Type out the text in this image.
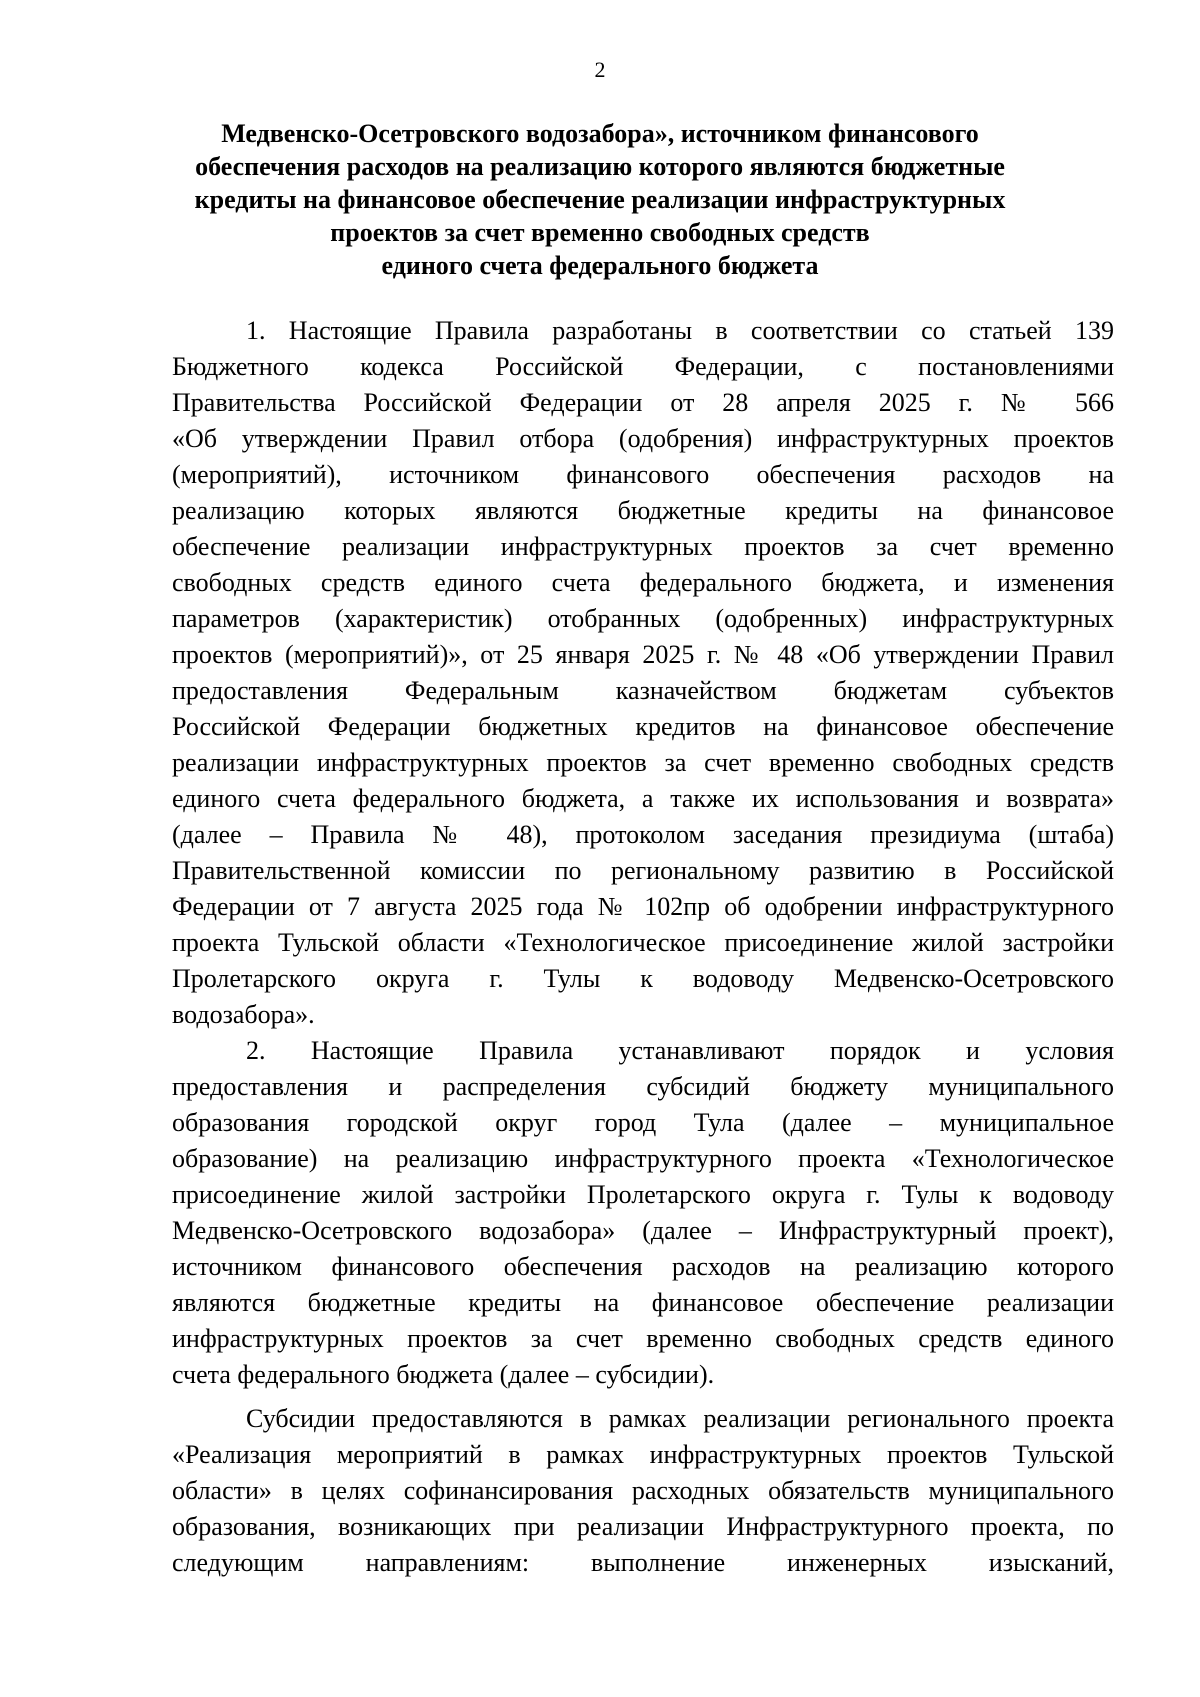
2
Медвенско-Осетровского водозабора», источником финансового
обеспечения расходов на реализацию которого являются бюджетные
кредиты на финансовое обеспечение реализации инфраструктурных
проектов за счет временно свободных средств
единого счета федерального бюджета
1. Настоящие Правила разработаны в соответствии со статьей 139
Бюджетного кодекса Российской Федерации, с постановлениями
Правительства Российской Федерации от 28 апреля 2025 г. № 566
«Об утверждении Правил отбора (одобрения) инфраструктурных проектов
(мероприятий), источником финансового обеспечения расходов на
реализацию которых являются бюджетные кредиты на финансовое
обеспечение реализации инфраструктурных проектов за счет временно
свободных средств единого счета федерального бюджета, и изменения
параметров (характеристик) отобранных (одобренных) инфраструктурных
проектов (мероприятий)», от 25 января 2025 г. № 48 «Об утверждении Правил
предоставления Федеральным казначейством бюджетам субъектов
Российской Федерации бюджетных кредитов на финансовое обеспечение
реализации инфраструктурных проектов за счет временно свободных средств
единого счета федерального бюджета, а также их использования и возврата»
(далее – Правила № 48), протоколом заседания президиума (штаба)
Правительственной комиссии по региональному развитию в Российской
Федерации от 7 августа 2025 года № 102пр об одобрении инфраструктурного
проекта Тульской области «Технологическое присоединение жилой застройки
Пролетарского округа г. Тулы к водоводу Медвенско-Осетровского
водозабора».
2. Настоящие Правила устанавливают порядок и условия
предоставления и распределения субсидий бюджету муниципального
образования городской округ город Тула (далее – муниципальное
образование) на реализацию инфраструктурного проекта «Технологическое
присоединение жилой застройки Пролетарского округа г. Тулы к водоводу
Медвенско-Осетровского водозабора» (далее – Инфраструктурный проект),
источником финансового обеспечения расходов на реализацию которого
являются бюджетные кредиты на финансовое обеспечение реализации
инфраструктурных проектов за счет временно свободных средств единого
счета федерального бюджета (далее – субсидии).
Субсидии предоставляются в рамках реализации регионального проекта
«Реализация мероприятий в рамках инфраструктурных проектов Тульской
области» в целях софинансирования расходных обязательств муниципального
образования, возникающих при реализации Инфраструктурного проекта, по
следующим направлениям: выполнение инженерных изысканий,
